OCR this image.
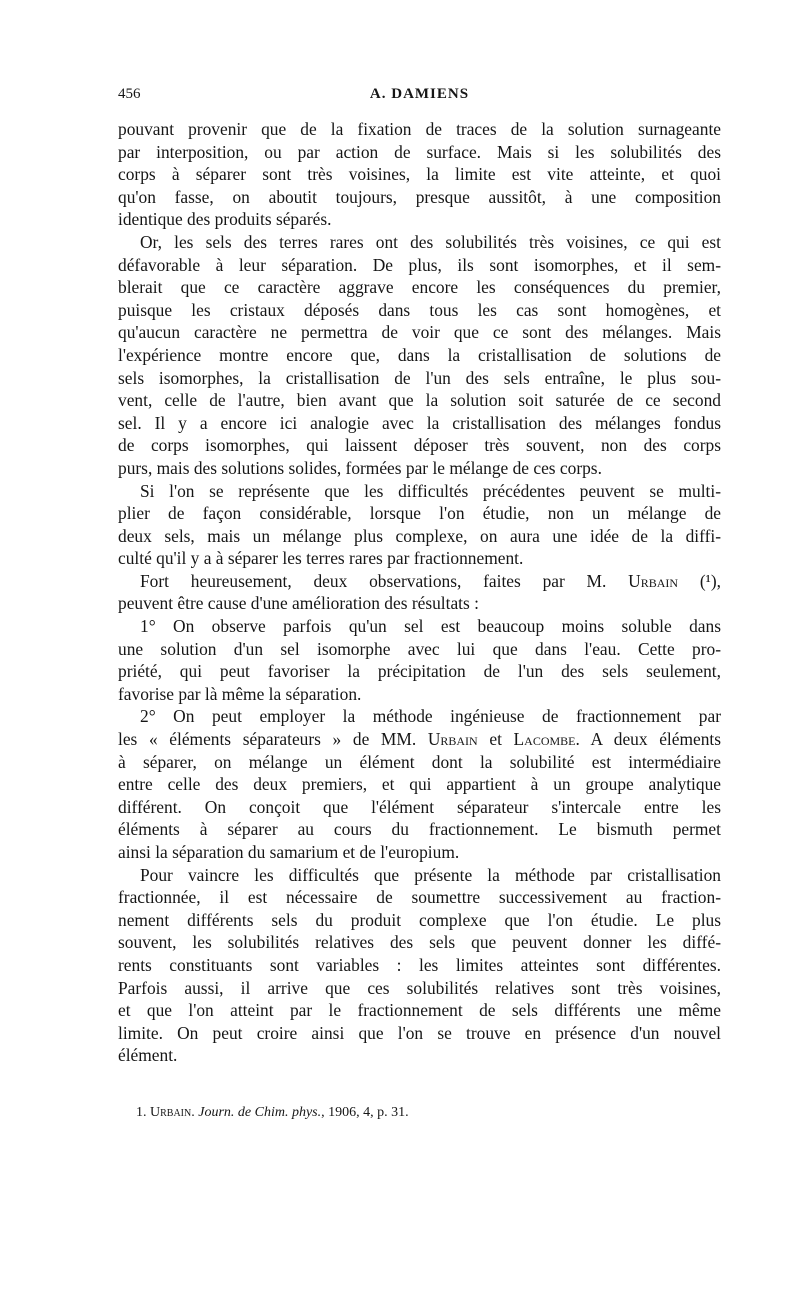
456	A. DAMIENS
pouvant provenir que de la fixation de traces de la solution surnageante
par interposition, ou par action de surface. Mais si les solubilités des
corps à séparer sont très voisines, la limite est vite atteinte, et quoi
qu'on fasse, on aboutit toujours, presque aussitôt, à une composition
identique des produits séparés.
Or, les sels des terres rares ont des solubilités très voisines, ce qui est
défavorable à leur séparation. De plus, ils sont isomorphes, et il sem-
blerait que ce caractère aggrave encore les conséquences du premier,
puisque les cristaux déposés dans tous les cas sont homogènes, et
qu'aucun caractère ne permettra de voir que ce sont des mélanges. Mais
l'expérience montre encore que, dans la cristallisation de solutions de
sels isomorphes, la cristallisation de l'un des sels entraîne, le plus sou-
vent, celle de l'autre, bien avant que la solution soit saturée de ce second
sel. Il y a encore ici analogie avec la cristallisation des mélanges fondus
de corps isomorphes, qui laissent déposer très souvent, non des corps
purs, mais des solutions solides, formées par le mélange de ces corps.
Si l'on se représente que les difficultés précédentes peuvent se multi-
plier de façon considérable, lorsque l'on étudie, non un mélange de
deux sels, mais un mélange plus complexe, on aura une idée de la diffi-
culté qu'il y a à séparer les terres rares par fractionnement.
Fort heureusement, deux observations, faites par M. Urbain (¹),
peuvent être cause d'une amélioration des résultats :
1° On observe parfois qu'un sel est beaucoup moins soluble dans
une solution d'un sel isomorphe avec lui que dans l'eau. Cette pro-
priété, qui peut favoriser la précipitation de l'un des sels seulement,
favorise par là même la séparation.
2° On peut employer la méthode ingénieuse de fractionnement par
les « éléments séparateurs » de MM. Urbain et Lacombe. A deux éléments
à séparer, on mélange un élément dont la solubilité est intermédiaire
entre celle des deux premiers, et qui appartient à un groupe analytique
différent. On conçoit que l'élément séparateur s'intercale entre les
éléments à séparer au cours du fractionnement. Le bismuth permet
ainsi la séparation du samarium et de l'europium.
Pour vaincre les difficultés que présente la méthode par cristallisation
fractionnée, il est nécessaire de soumettre successivement au fraction-
nement différents sels du produit complexe que l'on étudie. Le plus
souvent, les solubilités relatives des sels que peuvent donner les diffé-
rents constituants sont variables : les limites atteintes sont différentes.
Parfois aussi, il arrive que ces solubilités relatives sont très voisines,
et que l'on atteint par le fractionnement de sels différents une même
limite. On peut croire ainsi que l'on se trouve en présence d'un nouvel
élément.
1. Urbain. Journ. de Chim. phys., 1906, 4, p. 31.
